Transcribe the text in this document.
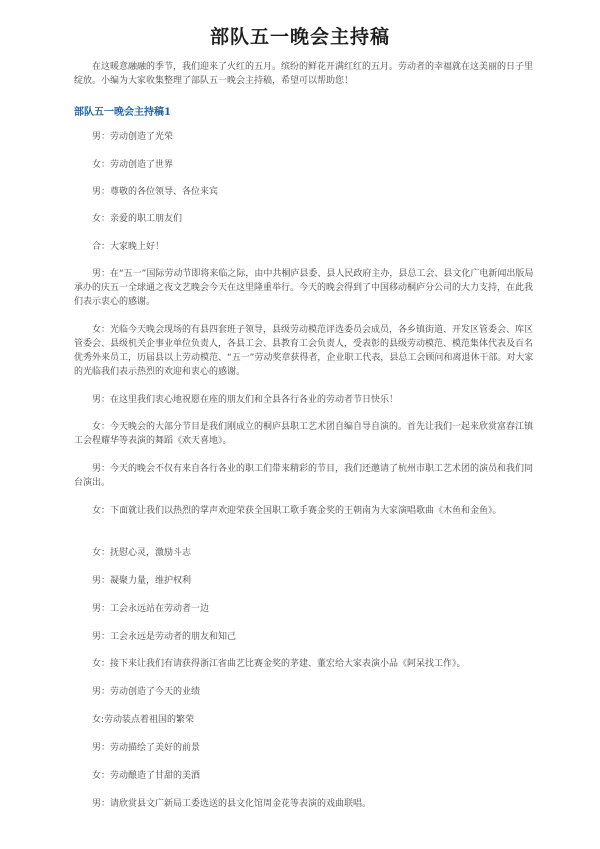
部队五一晚会主持稿
在这暖意融融的季节，我们迎来了火红的五月。缤纷的鲜花开满红红的五月。劳动者的幸福就在这美丽的日子里绽放。小编为大家收集整理了部队五一晚会主持稿，希望可以帮助您！
部队五一晚会主持稿1
男：劳动创造了光荣
女：劳动创造了世界
男：尊敬的各位领导、各位来宾
女：亲爱的职工朋友们
合：大家晚上好！
男：在“五一”国际劳动节即将来临之际，由中共桐庐县委、县人民政府主办，县总工会、县文化广电新闻出版局承办的庆五一全球通之夜文艺晚会今天在这里隆重举行。今天的晚会得到了中国移动桐庐分公司的大力支持，在此我们表示衷心的感谢。
女：光临今天晚会现场的有县四套班子领导，县级劳动模范评选委员会成员，各乡镇街道、开发区管委会、库区管委会、县级机关企事业单位负责人，各县工会、县教育工会负责人，受表彰的县级劳动模范、模范集体代表及百名优秀外来员工，历届县以上劳动模范、“五一”劳动奖章获得者，企业职工代表，县总工会顾问和离退休干部。对大家的光临我们表示热烈的欢迎和衷心的感谢。
男：在这里我们衷心地祝愿在座的朋友们和全县各行各业的劳动者节日快乐！
女：今天晚会的大部分节目是我们刚成立的桐庐县职工艺术团自编自导自演的。首先让我们一起来欣赏富春江镇工会程耀华等表演的舞蹈《欢天喜地》。
男：今天的晚会不仅有来自各行各业的职工们带来精彩的节目，我们还邀请了杭州市职工艺术团的演员和我们同台演出。
女：下面就让我们以热烈的掌声欢迎荣获全国职工歌手赛金奖的王朝南为大家演唱歌曲《木鱼和金鱼》。
女：抚慰心灵，激励斗志
男：凝聚力量，维护权利
男：工会永远站在劳动者一边
男：工会永远是劳动者的朋友和知己
女：接下来让我们有请获得浙江省曲艺比赛金奖的茅建、董宏给大家表演小品《阿呆找工作》。
男：劳动创造了今天的业绩
女:劳动装点着祖国的繁荣
男：劳动描绘了美好的前景
女：劳动酿造了甘甜的美酒
男：请欣赏县文广新局工委选送的县文化馆周金花等表演的戏曲联唱。
